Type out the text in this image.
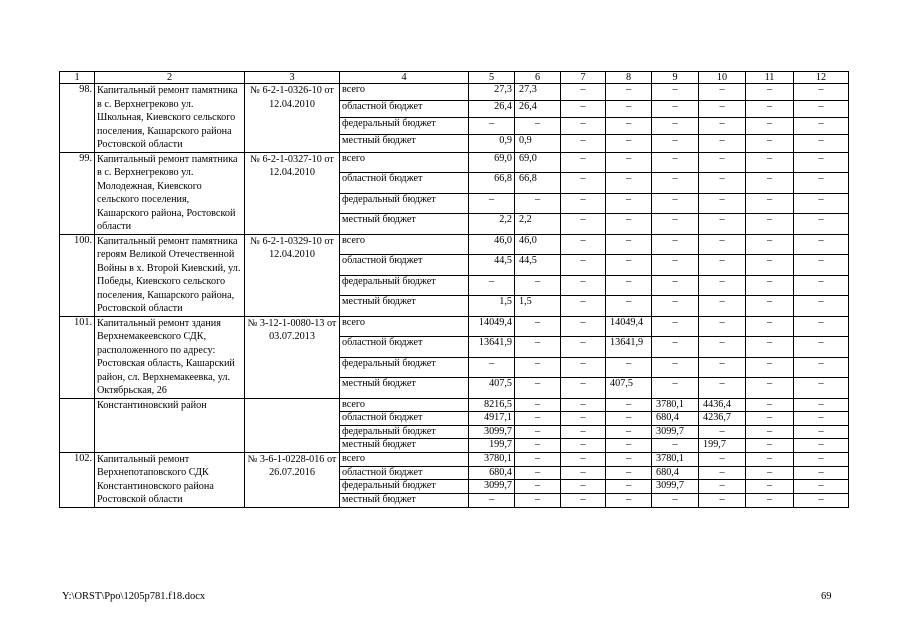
1	2	3	4	5	6	7	8	9	10	11	12
98.	Капитальный ремонт памятника в с. Верхнегреково ул. Школьная, Киевского сельского поселения, Кашарского района Ростовской области	№ 6-2-1-0326-10 от 12.04.2010	всего	27,3	27,3	–	–	–	–	–	–
			областной бюджет	26,4	26,4	–	–	–	–	–	–
			федеральный бюджет	–	–	–	–	–	–	–	–
			местный бюджет	0,9	0,9	–	–	–	–	–	–
99.	Капитальный ремонт памятника в с. Верхнегреково ул. Молодежная, Киевского сельского поселения, Кашарского района, Ростовской области	№ 6-2-1-0327-10 от 12.04.2010	всего	69,0	69,0	–	–	–	–	–	–
			областной бюджет	66,8	66,8	–	–	–	–	–	–
			федеральный бюджет	–	–	–	–	–	–	–	–
			местный бюджет	2,2	2,2	–	–	–	–	–	–
100.	Капитальный ремонт памятника героям Великой Отечественной Войны в х. Второй Киевский, ул. Победы, Киевского сельского поселения, Кашарского района, Ростовской области	№ 6-2-1-0329-10 от 12.04.2010	всего	46,0	46,0	–	–	–	–	–	–
			областной бюджет	44,5	44,5	–	–	–	–	–	–
			федеральный бюджет	–	–	–	–	–	–	–	–
			местный бюджет	1,5	1,5	–	–	–	–	–	–
101.	Капитальный ремонт здания Верхнемакеевского СДК, расположенного по адресу: Ростовская область, Кашарский район, сл. Верхнемакеевка, ул. Октябрьская, 26	№ 3-12-1-0080-13 от 03.07.2013	всего	14049,4	–	–	14049,4	–	–	–	–
			областной бюджет	13641,9	–	–	13641,9	–	–	–	–
			федеральный бюджет	–	–	–	–	–	–	–	–
			местный бюджет	407,5	–	–	407,5	–	–	–	–
	Константиновский район		всего	8216,5	–	–	–	3780,1	4436,4	–	–
			областной бюджет	4917,1	–	–	–	680,4	4236,7	–	–
			федеральный бюджет	3099,7	–	–	–	3099,7	–	–	–
			местный бюджет	199,7	–	–	–	–	199,7	–	–
102.	Капитальный ремонт Верхнепотаповского СДК Константиновского района Ростовской области	№ 3-6-1-0228-016 от 26.07.2016	всего	3780,1	–	–	–	3780,1	–	–	–
			областной бюджет	680,4	–	–	–	680,4	–	–	–
			федеральный бюджет	3099,7	–	–	–	3099,7	–	–	–
			местный бюджет	–	–	–	–	–	–	–	–
Y:\ORST\Ppo\1205p781.f18.docx	69
